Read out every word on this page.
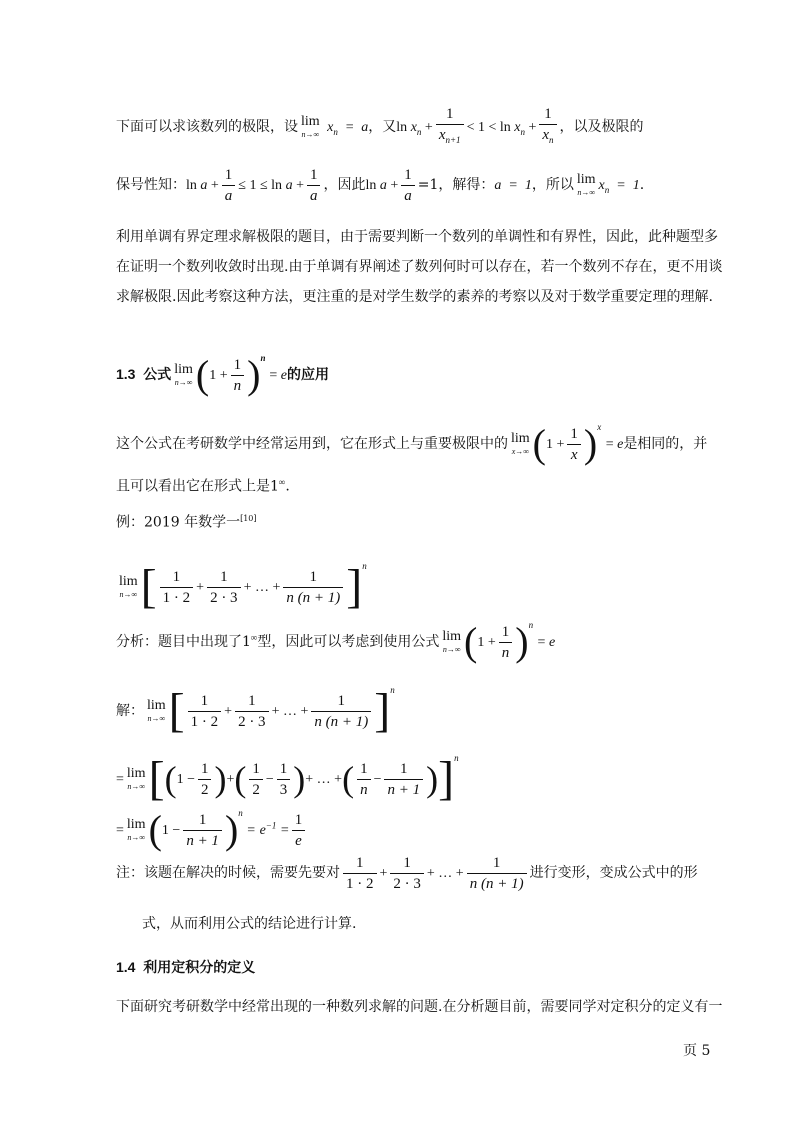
下面可以求该数列的极限，设 lim
n→∞ $x_n = a$，又$\ln x_n + \frac{1}{x_{n+1}} < 1 < \ln x_n + \frac{1}{x_n}$ ，以及极限的
保号性知：$\ln a + \frac{1}{a} \le 1 \le \ln a + \frac{1}{a}$ ，因此$\ln a + \frac{1}{a} =1$，解得：a  =  1，所以 lim
n→∞ $x_n = 1$.
利用单调有界定理求解极限的题目，由于需要判断一个数列的单调性和有界性，因此，此种题型多
在证明一个数列收敛时出现.由于单调有界阐述了数列何时可以存在，若一个数列不存在，更不用谈
求解极限.因此考察这种方法，更注重的是对学生数学的素养的考察以及对于数学重要定理的理解.
1.3 公式 lim
n→∞ $(1 + \frac{1}{n} )^n = e$的应用
这个公式在考研数学中经常运用到，它在形式上与重要极限中的 lim
x→∞ $(1 + \frac{1}{x} )^x = e$是相同的，并
且可以看出它在形式上是1∞.
例：2019 年数学一[10]
lim
n→∞ [ $\frac{1}{1 \cdot 2} + \frac{1}{2 \cdot 3}$ + … + $\frac{1}{n (n + 1)} ]^n$
分析：题目中出现了1∞型，因此可以考虑到使用公式 lim
n→∞ $(1 + \frac{1}{n} )^n = e$
解： lim
n→∞ [ $\frac{1}{1 \cdot 2} + \frac{1}{2 \cdot 3}$ + … + $\frac{1}{n (n + 1)} ]^n$
= lim
n→∞ [($1 - \frac{1}{2}$ )+( $\frac{1}{2} - \frac{1}{3}$ )+ … +( $\frac{1}{n} - \frac{1}{n + 1} )]^n$
= lim
n→∞ $(1 - \frac{1}{n + 1} )^n = e^{-1} = \frac{1}{e}$
注：该题在解决的时候，需要先要对 $\frac{1}{1 \cdot 2} + \frac{1}{2 \cdot 3}$ + … + $\frac{1}{n (n + 1)}$ 进行变形，变成公式中的形
式，从而利用公式的结论进行计算.
1.4 利用定积分的定义
下面研究考研数学中经常出现的一种数列求解的问题.在分析题目前，需要同学对定积分的定义有一
页 5
